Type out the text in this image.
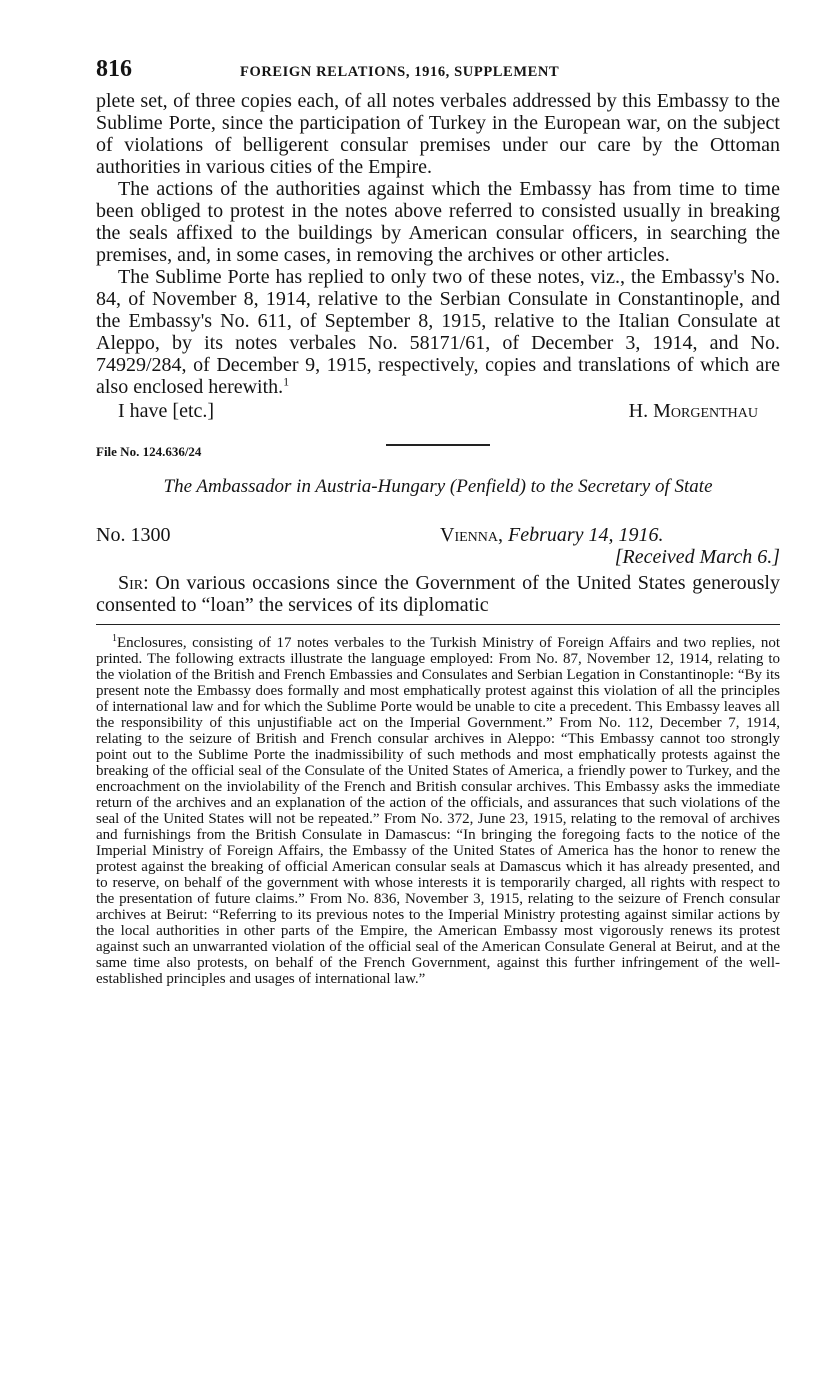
816	FOREIGN RELATIONS, 1916, SUPPLEMENT

plete set, of three copies each, of all notes verbales addressed by this Embassy to the Sublime Porte, since the participation of Turkey in the European war, on the subject of violations of belligerent consular premises under our care by the Ottoman authorities in various cities of the Empire.

The actions of the authorities against which the Embassy has from time to time been obliged to protest in the notes above referred to consisted usually in breaking the seals affixed to the buildings by American consular officers, in searching the premises, and, in some cases, in removing the archives or other articles.

The Sublime Porte has replied to only two of these notes, viz., the Embassy's No. 84, of November 8, 1914, relative to the Serbian Consulate in Constantinople, and the Embassy's No. 611, of September 8, 1915, relative to the Italian Consulate at Aleppo, by its notes verbales No. 58171/61, of December 3, 1914, and No. 74929/284, of December 9, 1915, respectively, copies and translations of which are also enclosed herewith.$^1$

I have [etc.]	H. Morgenthau
File No. 124.636/24
The Ambassador in Austria-Hungary (Penfield) to the Secretary of State
No. 1300	Vienna, February 14, 1916.
[Received March 6.]

Sir: On various occasions since the Government of the United States generously consented to “loan” the services of its diplomatic

$^1$Enclosures, consisting of 17 notes verbales to the Turkish Ministry of Foreign Affairs and two replies, not printed. The following extracts illustrate the language employed: From No. 87, November 12, 1914, relating to the violation of the British and French Embassies and Consulates and Serbian Legation in Constantinople: “By its present note the Embassy does formally and most emphatically protest against this violation of all the principles of international law and for which the Sublime Porte would be unable to cite a precedent. This Embassy leaves all the responsibility of this unjustifiable act on the Imperial Government.” From No. 112, December 7, 1914, relating to the seizure of British and French consular archives in Aleppo: “This Embassy cannot too strongly point out to the Sublime Porte the inadmissibility of such methods and most emphatically protests against the breaking of the official seal of the Consulate of the United States of America, a friendly power to Turkey, and the encroachment on the inviolability of the French and British consular archives. This Embassy asks the immediate return of the archives and an explanation of the action of the officials, and assurances that such violations of the seal of the United States will not be repeated.” From No. 372, June 23, 1915, relating to the removal of archives and furnishings from the British Consulate in Damascus: “In bringing the foregoing facts to the notice of the Imperial Ministry of Foreign Affairs, the Embassy of the United States of America has the honor to renew the protest against the breaking of official American consular seals at Damascus which it has already presented, and to reserve, on behalf of the government with whose interests it is temporarily charged, all rights with respect to the presentation of future claims.” From No. 836, November 3, 1915, relating to the seizure of French consular archives at Beirut: “Referring to its previous notes to the Imperial Ministry protesting against similar actions by the local authorities in other parts of the Empire, the American Embassy most vigorously renews its protest against such an unwarranted violation of the official seal of the American Consulate General at Beirut, and at the same time also protests, on behalf of the French Government, against this further infringement of the well-established principles and usages of international law.”
